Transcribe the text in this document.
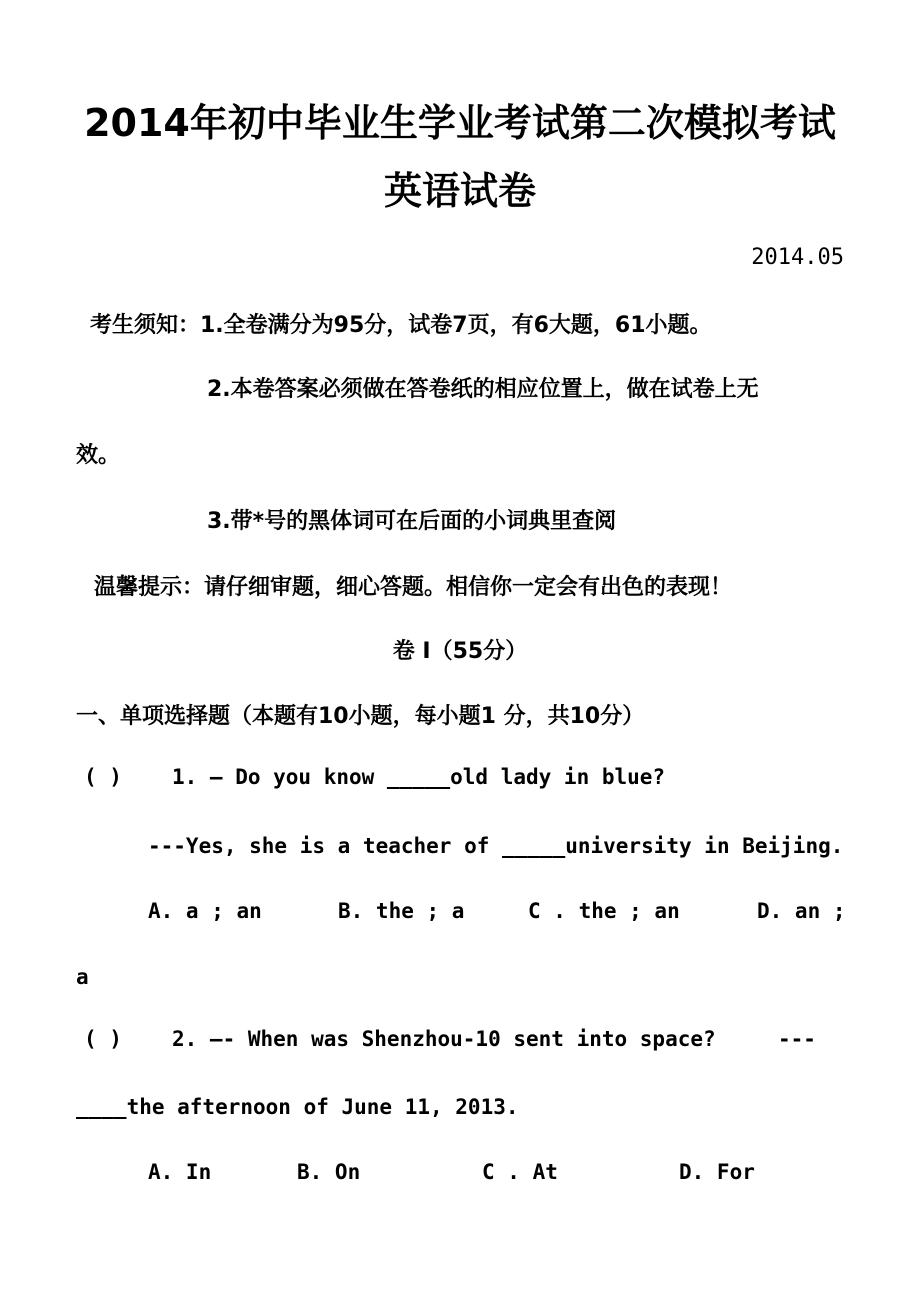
2014年初中毕业生学业考试第二次模拟考试
英语试卷
2014.05
考生须知：1.全卷满分为95分，试卷7页，有6大题，61小题。
2.本卷答案必须做在答卷纸的相应位置上，做在试卷上无
效。
3.带*号的黑体词可在后面的小词典里查阅
温馨提示：请仔细审题，细心答题。相信你一定会有出色的表现！
卷 Ⅰ（55分）
一、单项选择题（本题有10小题，每小题1 分，共10分）
( ) 1. — Do you know _____old lady in blue?
---Yes, she is a teacher of _____university in Beijing.
A. a ; an	B. the ; a	C . the ; an	D. an ;
a
( ) 2. —- When was Shenzhou-10 sent into space?	---
____the afternoon of June 11, 2013.
A. In	B. On	C . At	D. For
